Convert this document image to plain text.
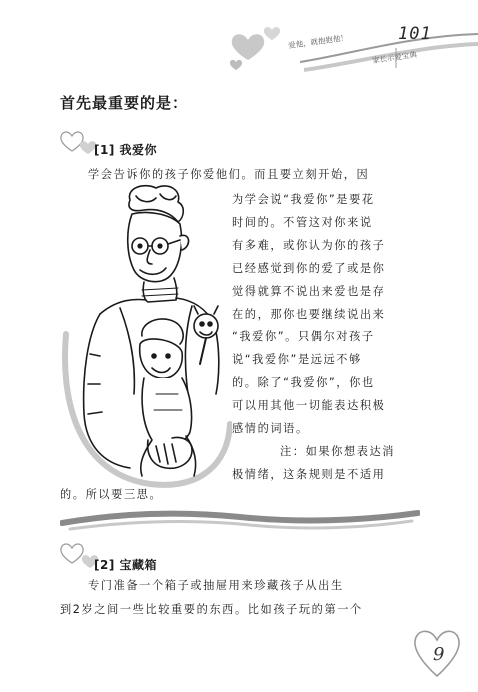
101
爱他，就抱抱他！
家长示爱宝典
首先最重要的是：
[1] 我爱你
学会告诉你的孩子你爱他们。而且要立刻开始，因
为学会说“我爱你”是要花
时间的。不管这对你来说
有多难，或你认为你的孩子
已经感觉到你的爱了或是你
觉得就算不说出来爱也是存
在的，那你也要继续说出来
“我爱你”。只偶尔对孩子
说“我爱你”是远远不够
的。除了“我爱你”，你也
可以用其他一切能表达积极
感情的词语。
注：如果你想表达消
极情绪，这条规则是不适用
的。所以要三思。
[2] 宝藏箱
专门准备一个箱子或抽屉用来珍藏孩子从出生
到2岁之间一些比较重要的东西。比如孩子玩的第一个
9
